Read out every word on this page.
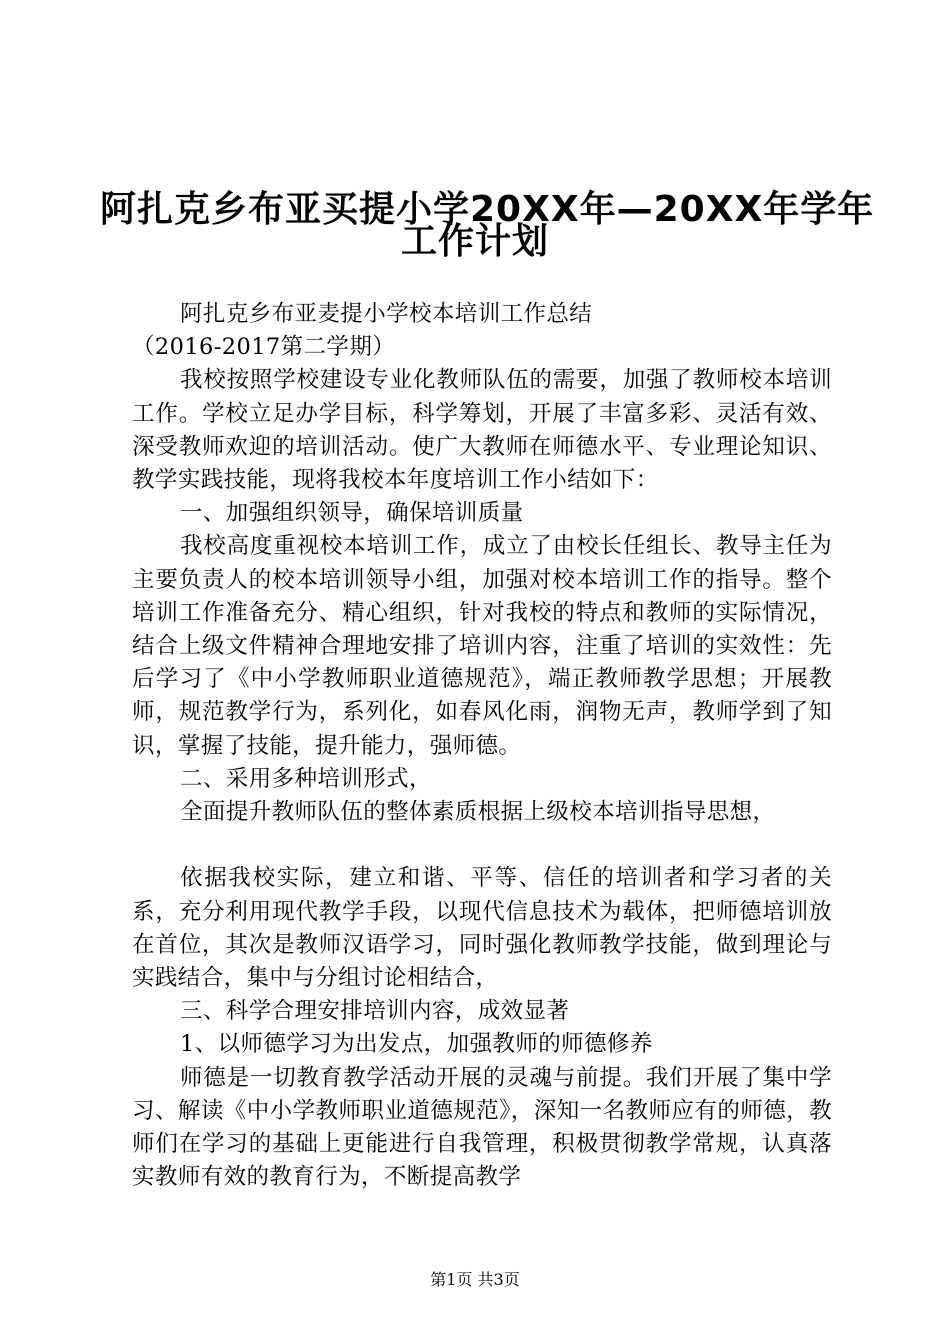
阿扎克乡布亚买提小学20XX年—20XX年学年
工作计划

阿扎克乡布亚麦提小学校本培训工作总结

（2016-2017第二学期）

我校按照学校建设专业化教师队伍的需要，加强了教师校本培训工作。学校立足办学目标，科学筹划，开展了丰富多彩、灵活有效、深受教师欢迎的培训活动。使广大教师在师德水平、专业理论知识、教学实践技能，现将我校本年度培训工作小结如下：

一、加强组织领导，确保培训质量

我校高度重视校本培训工作，成立了由校长任组长、教导主任为主要负责人的校本培训领导小组，加强对校本培训工作的指导。整个培训工作准备充分、精心组织，针对我校的特点和教师的实际情况，结合上级文件精神合理地安排了培训内容，注重了培训的实效性：先后学习了《中小学教师职业道德规范》，端正教师教学思想；开展教师，规范教学行为，系列化，如春风化雨，润物无声，教师学到了知识，掌握了技能，提升能力，强师德。

二、采用多种培训形式，

全面提升教师队伍的整体素质根据上级校本培训指导思想，

依据我校实际，建立和谐、平等、信任的培训者和学习者的关系，充分利用现代教学手段，以现代信息技术为载体，把师德培训放在首位，其次是教师汉语学习，同时强化教师教学技能，做到理论与实践结合，集中与分组讨论相结合，

三、科学合理安排培训内容，成效显著

1、以师德学习为出发点，加强教师的师德修养

师德是一切教育教学活动开展的灵魂与前提。我们开展了集中学习、解读《中小学教师职业道德规范》，深知一名教师应有的师德，教师们在学习的基础上更能进行自我管理，积极贯彻教学常规，认真落实教师有效的教育行为，不断提高教学

第1页 共3页
